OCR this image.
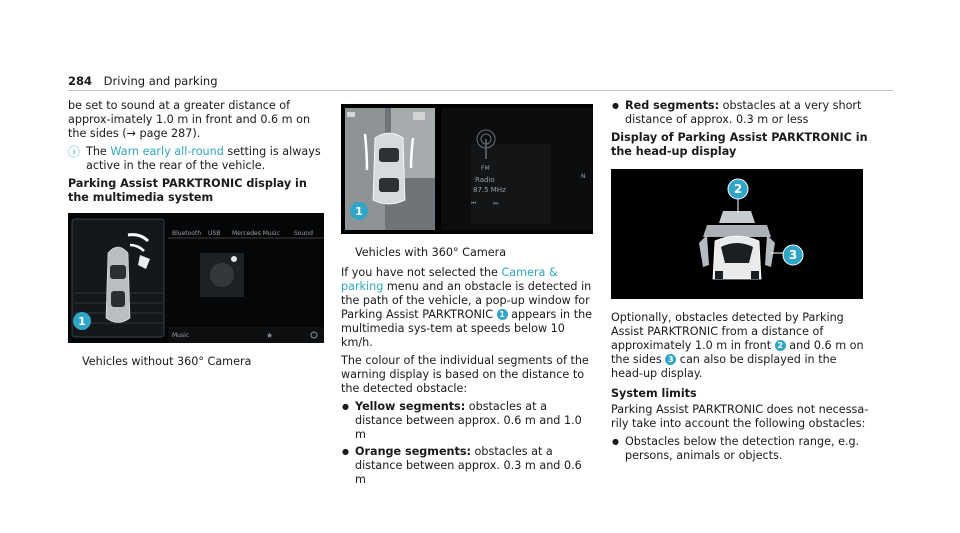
284 Driving and parking

be set to sound at a greater distance of approx-imately 1.0 m in front and 0.6 m on the sides (→ page 287).

ⓘ The Warn early all-round setting is always active in the rear of the vehicle.

Parking Assist PARKTRONIC display in the multimedia system

Bluetooth USB Mercedes Music Sound
Music	★
1

Vehicles without 360° Camera

FM
Radio
87.5 MHz
N
⏮	⏭
1

Vehicles with 360° Camera

If you have not selected the Camera & parking menu and an obstacle is detected in the path of the vehicle, a pop-up window for Parking Assist PARKTRONIC 1 appears in the multimedia sys-tem at speeds below 10 km/h.

The colour of the individual segments of the warning display is based on the distance to the detected obstacle:

● Yellow segments: obstacles at a distance between approx. 0.6 m and 1.0 m
● Orange segments: obstacles at a distance between approx. 0.3 m and 0.6 m
● Red segments: obstacles at a very short distance of approx. 0.3 m or less

Display of Parking Assist PARKTRONIC in the head-up display

2
3

Optionally, obstacles detected by Parking Assist PARKTRONIC from a distance of approximately 1.0 m in front 2 and 0.6 m on the sides 3 can also be displayed in the head-up display.

System limits

Parking Assist PARKTRONIC does not necessa-rily take into account the following obstacles:

● Obstacles below the detection range, e.g. persons, animals or objects.
